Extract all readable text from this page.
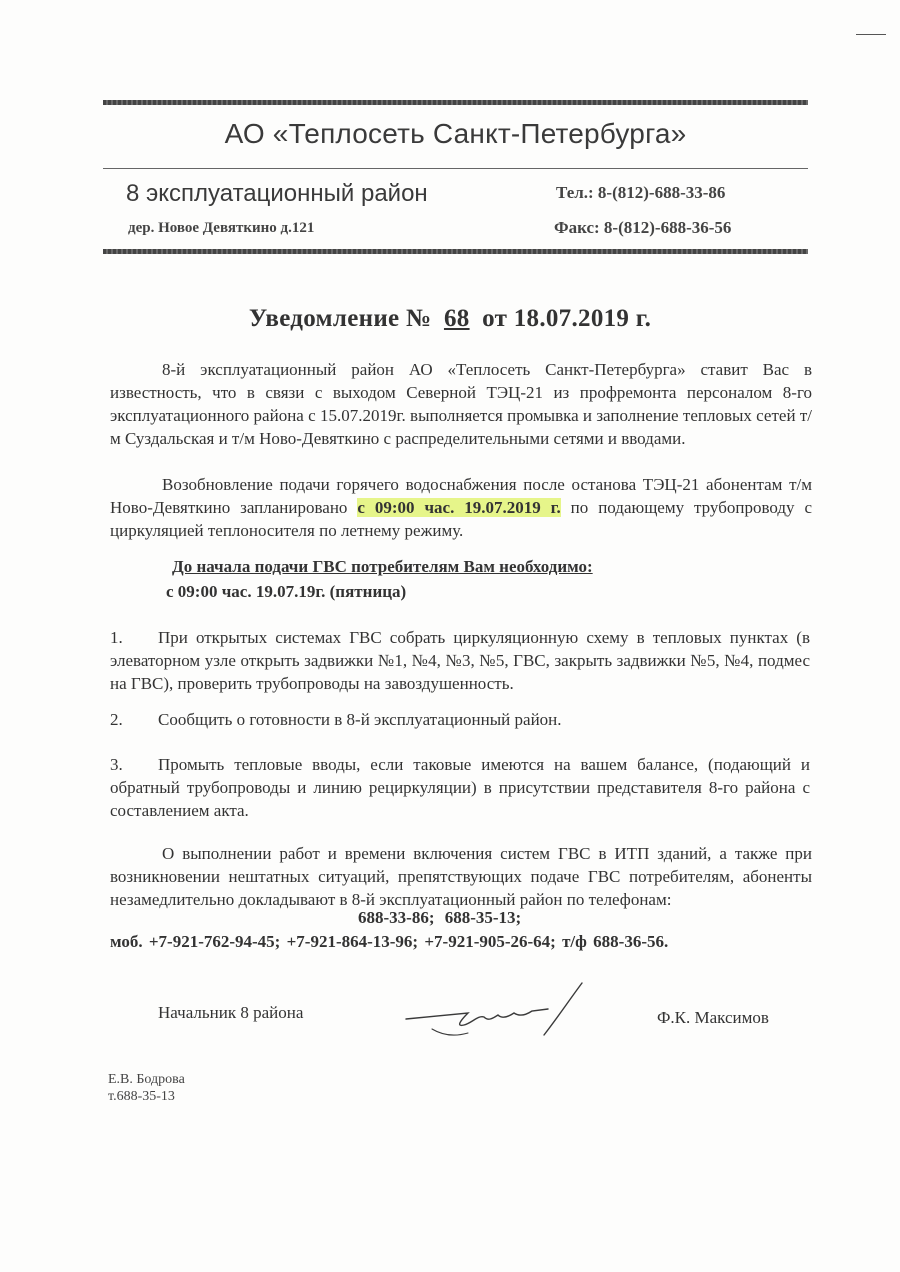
АО «Теплосеть Санкт-Петербурга»
8 эксплуатационный район
дер. Новое Девяткино д.121
Тел.: 8-(812)-688-33-86
Факс: 8-(812)-688-36-56
Уведомление № 68 от 18.07.2019 г.
8-й эксплуатационный район АО «Теплосеть Санкт-Петербурга» ставит Вас в известность, что в связи с выходом Северной ТЭЦ-21 из профремонта персоналом 8-го эксплуатационного района с 15.07.2019г. выполняется промывка и заполнение тепловых сетей т/м Суздальская и т/м Ново-Девяткино с распределительными сетями и вводами.
Возобновление подачи горячего водоснабжения после останова ТЭЦ-21 абонентам т/м Ново-Девяткино запланировано с 09:00 час. 19.07.2019 г. по подающему трубопроводу с циркуляцией теплоносителя по летнему режиму.
До начала подачи ГВС потребителям Вам необходимо:
с 09:00 час. 19.07.19г. (пятница)
1.	При открытых системах ГВС собрать циркуляционную схему в тепловых пунктах (в элеваторном узле открыть задвижки №1, №4, №3, №5, ГВС, закрыть задвижки №5, №4, подмес на ГВС), проверить трубопроводы на завоздушенность.
2.	Сообщить о готовности в 8-й эксплуатационный район.
3.	Промыть тепловые вводы, если таковые имеются на вашем балансе, (подающий и обратный трубопроводы и линию рециркуляции) в присутствии представителя 8-го района с составлением акта.
О выполнении работ и времени включения систем ГВС в ИТП зданий, а также при возникновении нештатных ситуаций, препятствующих подаче ГВС потребителям, абоненты незамедлительно докладывают в 8-й эксплуатационный район по телефонам:
688-33-86; 688-35-13;
моб. +7-921-762-94-45; +7-921-864-13-96; +7-921-905-26-64; т/ф 688-36-56.
Начальник 8 района	Ф.К. Максимов
Е.В. Бодрова
т.688-35-13
